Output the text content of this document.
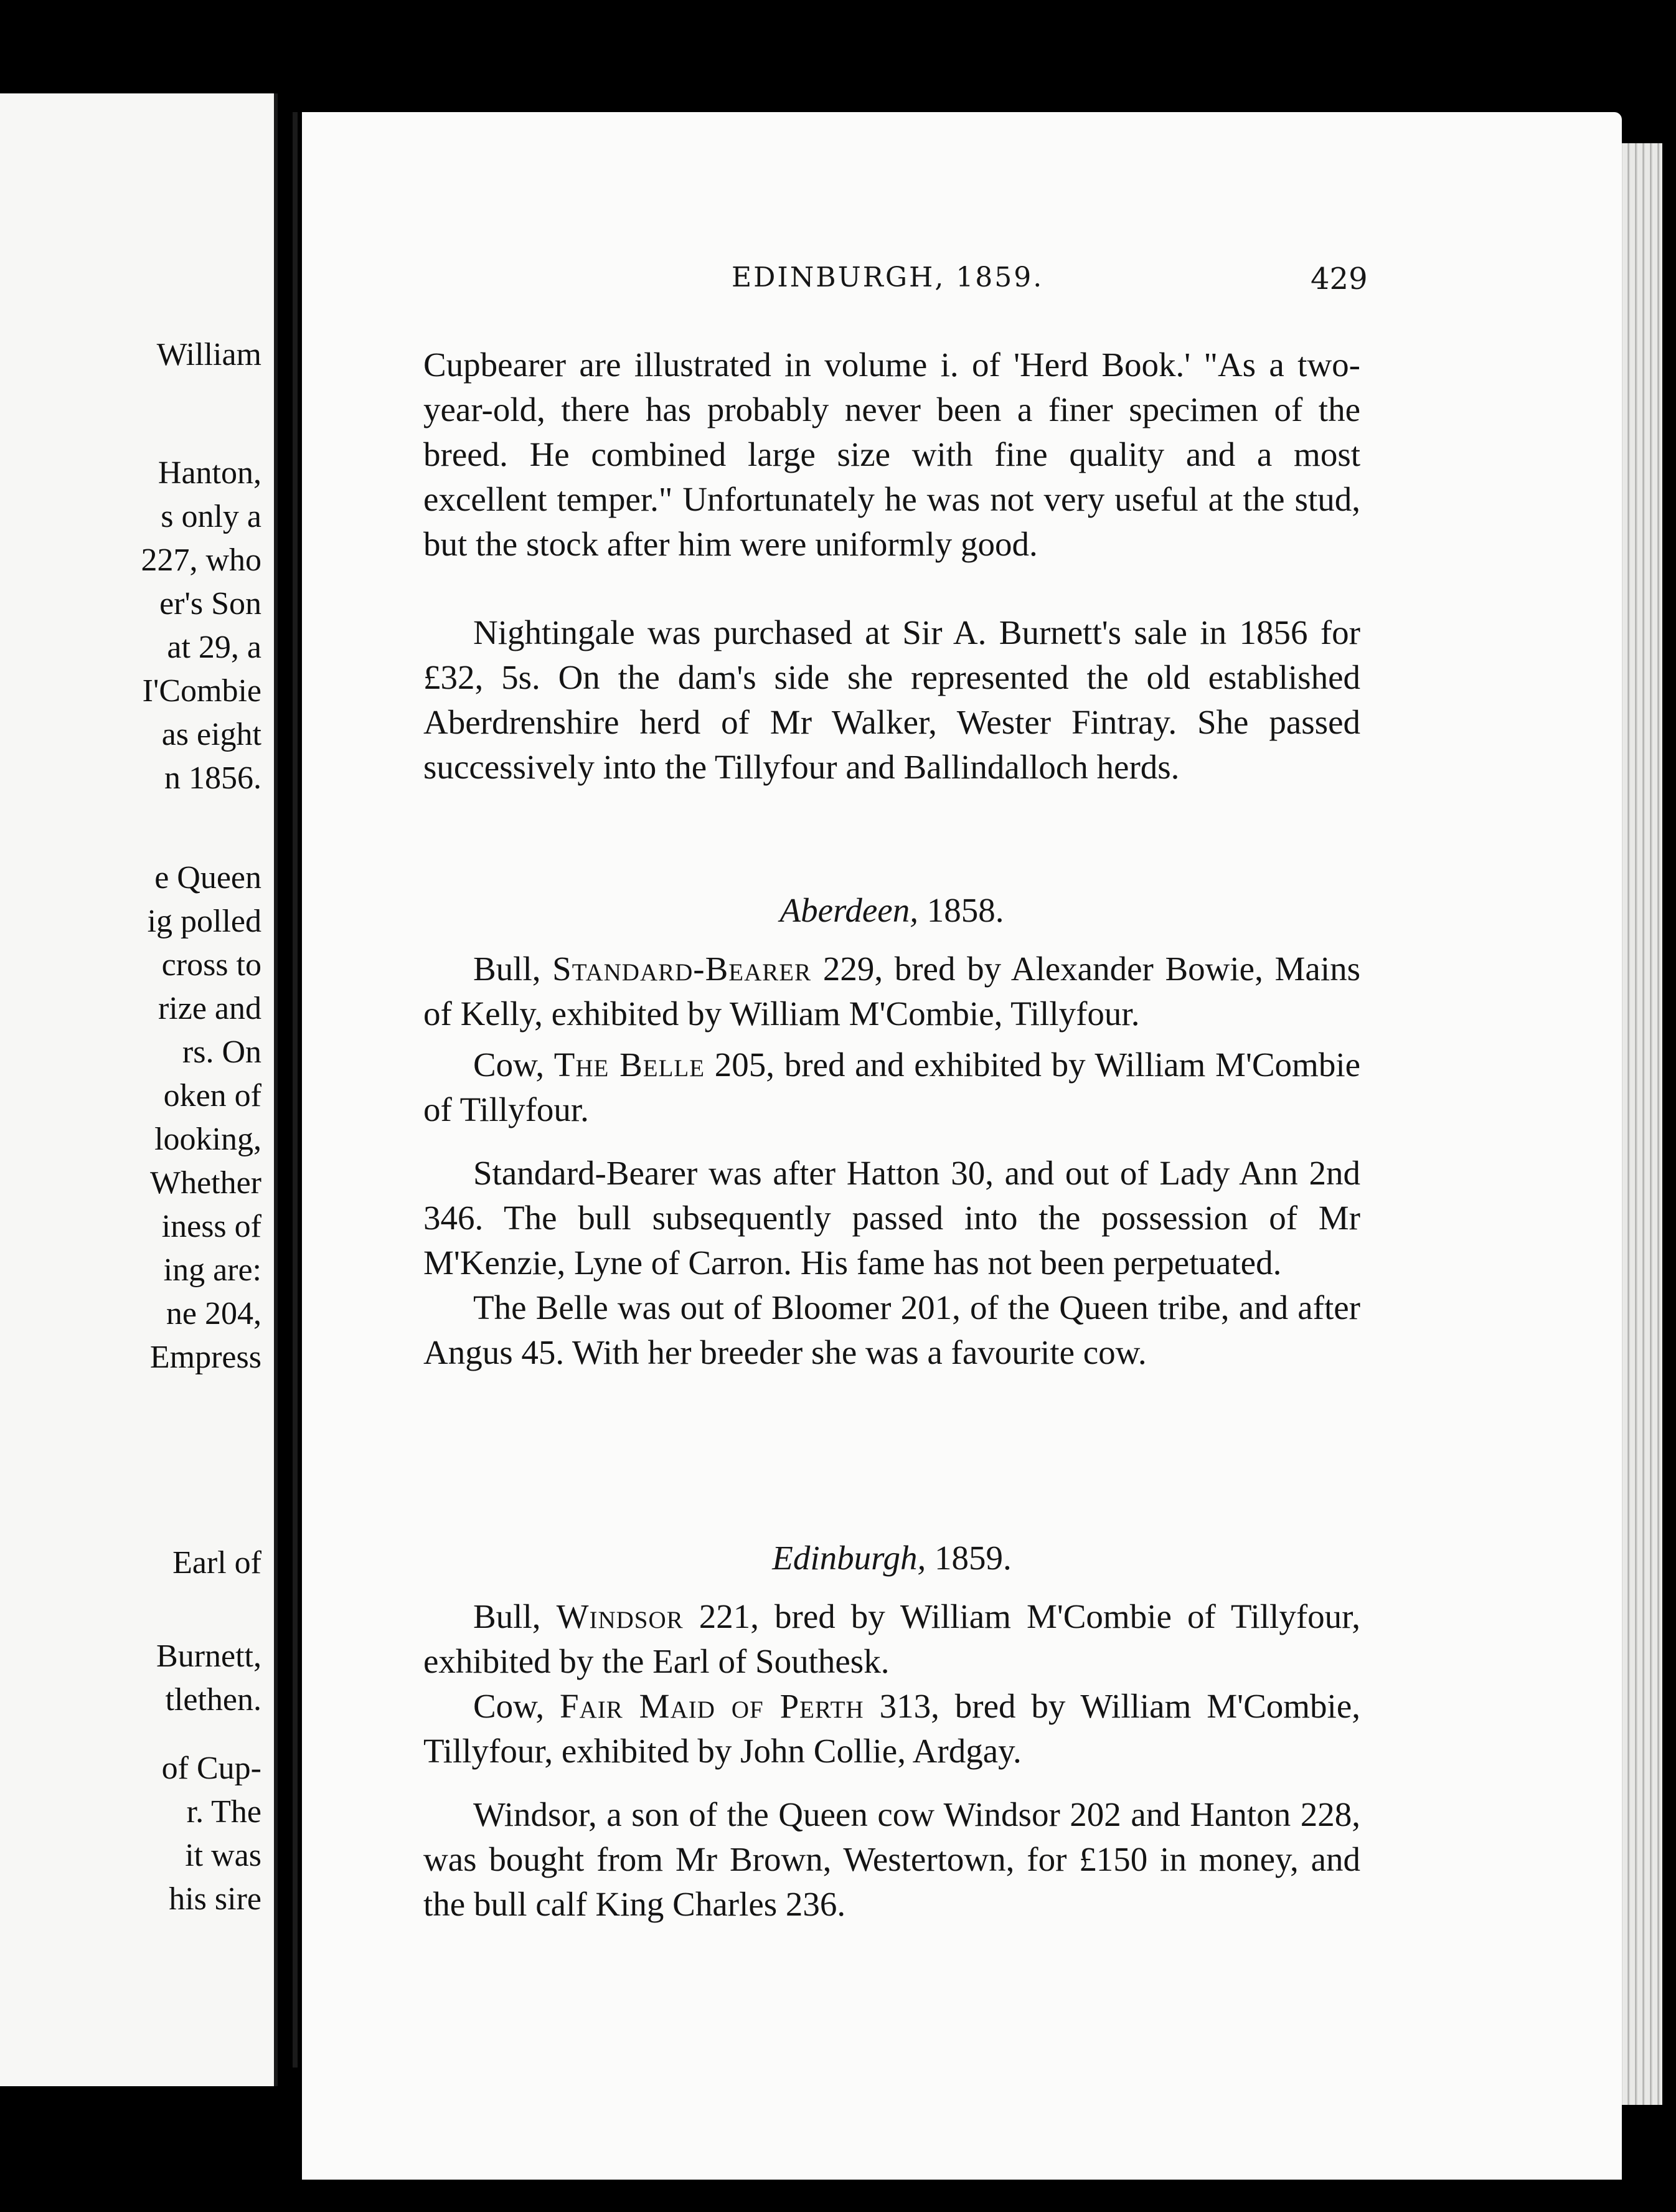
William
Hanton,
s only a
227, who
er's Son
at 29, a
I'Combie
as eight
n 1856.
e Queen
ig polled
cross to
rize and
rs. On
oken of
looking,
Whether
iness of
ing are:
ne 204,
Empress
Earl of
Burnett,
tlethen.
of Cup-
r. The
it was
his sire
EDINBURGH, 1859.	429

Cupbearer are illustrated in volume i. of 'Herd Book.' "As a two-year-old, there has probably never been a finer specimen of the breed. He combined large size with fine quality and a most excellent temper." Unfortunately he was not very useful at the stud, but the stock after him were uniformly good.

Nightingale was purchased at Sir A. Burnett's sale in 1856 for £32, 5s. On the dam's side she represented the old established Aberdrenshire herd of Mr Walker, Wester Fintray. She passed successively into the Tillyfour and Ballindalloch herds.

Aberdeen, 1858.

Bull, Standard-Bearer 229, bred by Alexander Bowie, Mains of Kelly, exhibited by William M'Combie, Tillyfour.

Cow, The Belle 205, bred and exhibited by William M'Combie of Tillyfour.

Standard-Bearer was after Hatton 30, and out of Lady Ann 2nd 346. The bull subsequently passed into the possession of Mr M'Kenzie, Lyne of Carron. His fame has not been perpetuated.

The Belle was out of Bloomer 201, of the Queen tribe, and after Angus 45. With her breeder she was a favourite cow.

Edinburgh, 1859.

Bull, Windsor 221, bred by William M'Combie of Tillyfour, exhibited by the Earl of Southesk.

Cow, Fair Maid of Perth 313, bred by William M'Combie, Tillyfour, exhibited by John Collie, Ardgay.

Windsor, a son of the Queen cow Windsor 202 and Hanton 228, was bought from Mr Brown, Westertown, for £150 in money, and the bull calf King Charles 236.
